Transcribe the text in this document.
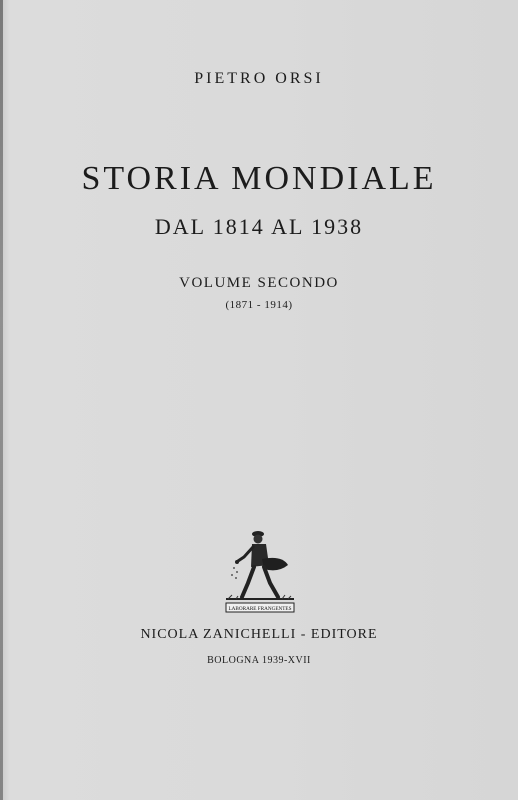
PIETRO ORSI
STORIA MONDIALE
DAL 1814 AL 1938
VOLUME SECONDO
(1871 - 1914)
LABORARE FRANGENTES
NICOLA ZANICHELLI - EDITORE
BOLOGNA 1939-XVII
